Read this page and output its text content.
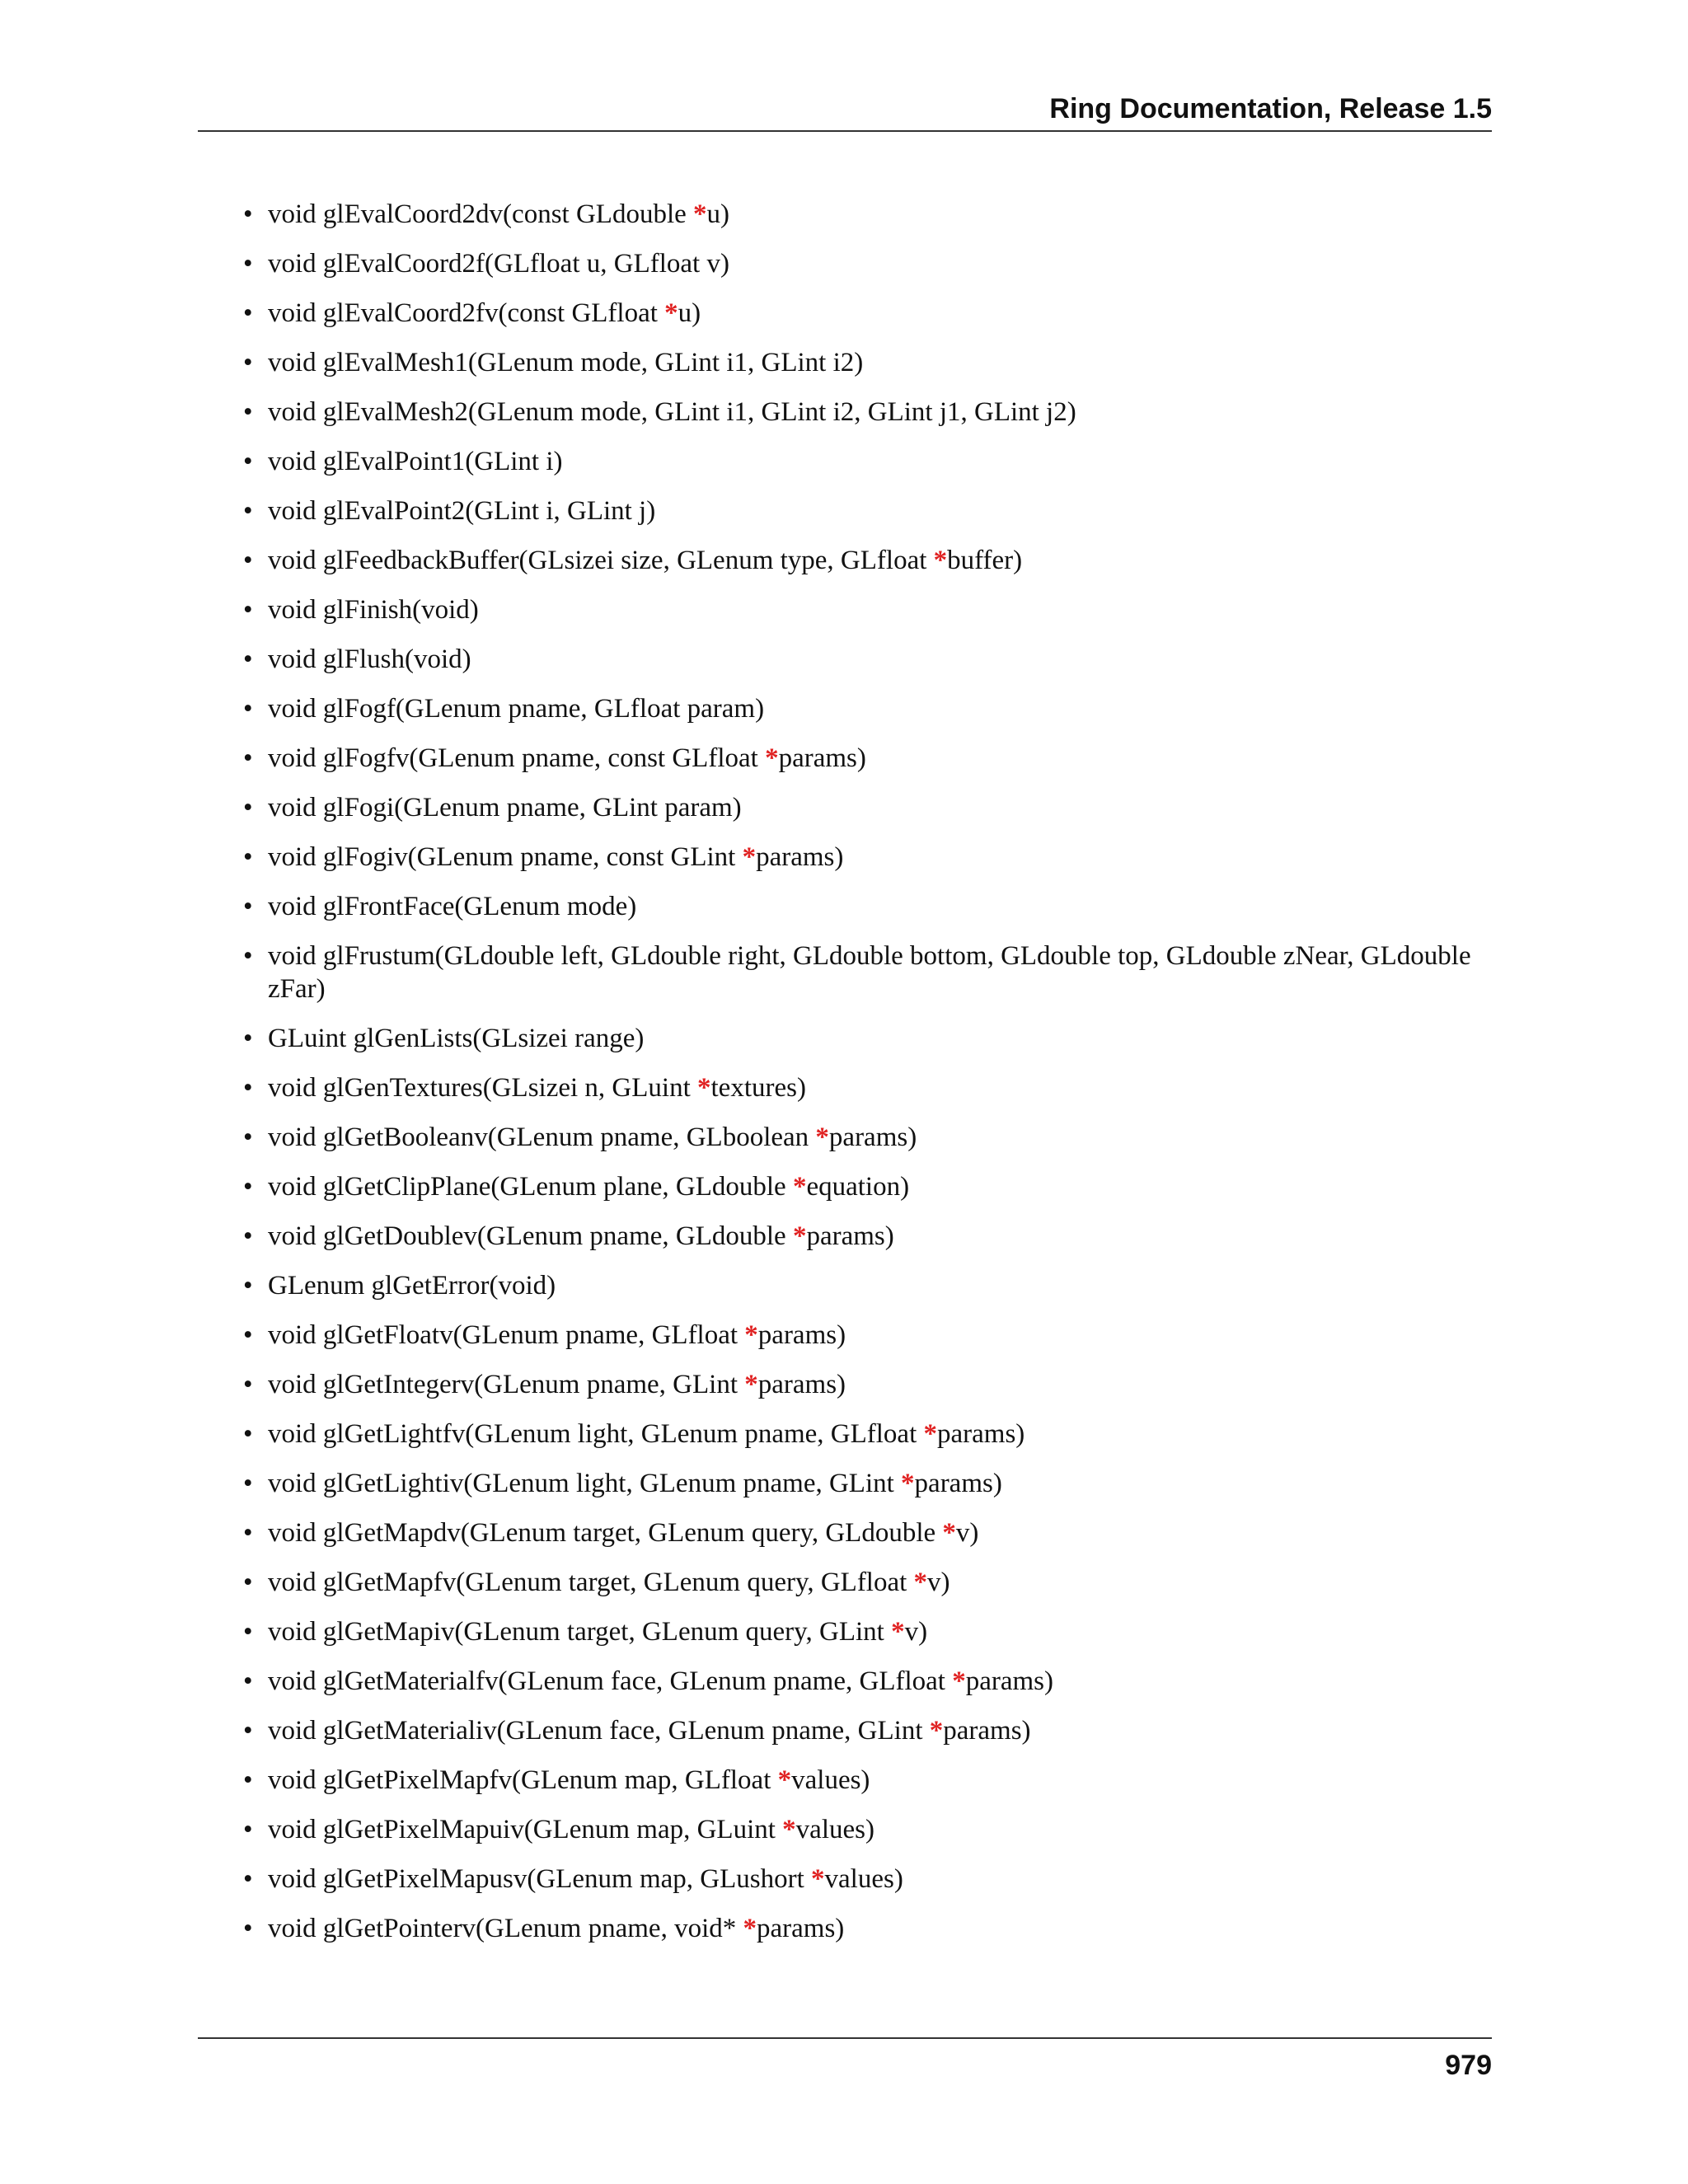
Ring Documentation, Release 1.5
• void glEvalCoord2dv(const GLdouble *u)
• void glEvalCoord2f(GLfloat u, GLfloat v)
• void glEvalCoord2fv(const GLfloat *u)
• void glEvalMesh1(GLenum mode, GLint i1, GLint i2)
• void glEvalMesh2(GLenum mode, GLint i1, GLint i2, GLint j1, GLint j2)
• void glEvalPoint1(GLint i)
• void glEvalPoint2(GLint i, GLint j)
• void glFeedbackBuffer(GLsizei size, GLenum type, GLfloat *buffer)
• void glFinish(void)
• void glFlush(void)
• void glFogf(GLenum pname, GLfloat param)
• void glFogfv(GLenum pname, const GLfloat *params)
• void glFogi(GLenum pname, GLint param)
• void glFogiv(GLenum pname, const GLint *params)
• void glFrontFace(GLenum mode)
• void glFrustum(GLdouble left, GLdouble right, GLdouble bottom, GLdouble top, GLdouble zNear, GLdouble zFar)
• GLuint glGenLists(GLsizei range)
• void glGenTextures(GLsizei n, GLuint *textures)
• void glGetBooleanv(GLenum pname, GLboolean *params)
• void glGetClipPlane(GLenum plane, GLdouble *equation)
• void glGetDoublev(GLenum pname, GLdouble *params)
• GLenum glGetError(void)
• void glGetFloatv(GLenum pname, GLfloat *params)
• void glGetIntegerv(GLenum pname, GLint *params)
• void glGetLightfv(GLenum light, GLenum pname, GLfloat *params)
• void glGetLightiv(GLenum light, GLenum pname, GLint *params)
• void glGetMapdv(GLenum target, GLenum query, GLdouble *v)
• void glGetMapfv(GLenum target, GLenum query, GLfloat *v)
• void glGetMapiv(GLenum target, GLenum query, GLint *v)
• void glGetMaterialfv(GLenum face, GLenum pname, GLfloat *params)
• void glGetMaterialiv(GLenum face, GLenum pname, GLint *params)
• void glGetPixelMapfv(GLenum map, GLfloat *values)
• void glGetPixelMapuiv(GLenum map, GLuint *values)
• void glGetPixelMapusv(GLenum map, GLushort *values)
• void glGetPointerv(GLenum pname, void* *params)
979
